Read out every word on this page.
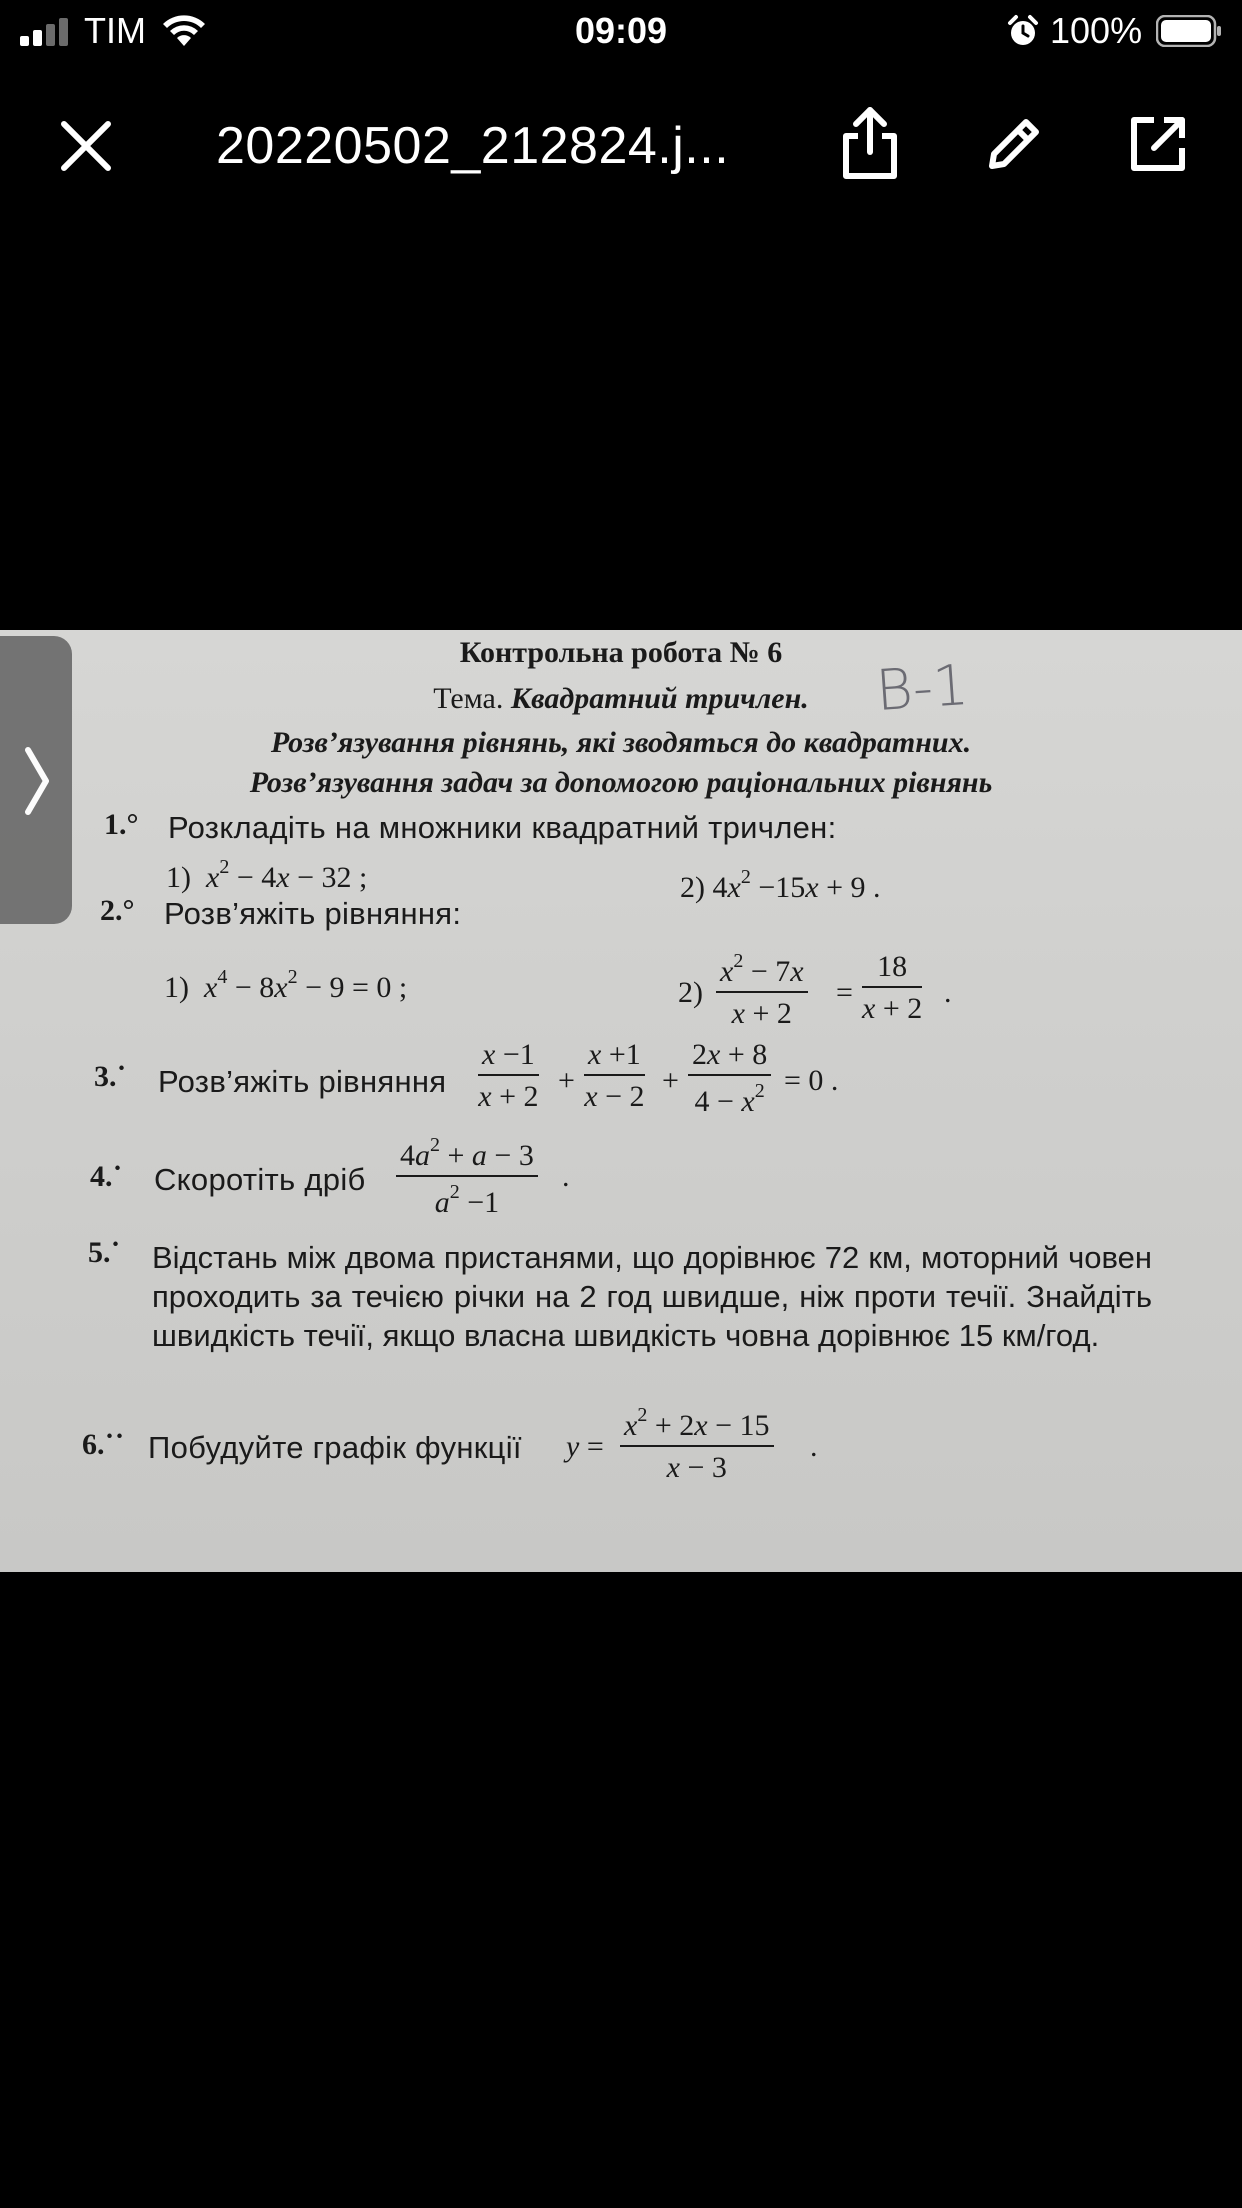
TIM	09:09	100%
20220502_212824.j...
Контрольна робота № 6
Тема. Квадратний тричлен.	В-1
Розв’язування рівнянь, які зводяться до квадратних.
Розв’язування задач за допомогою раціональних рівнянь
1.° Розкладіть на множники квадратний тричлен:
1) $x^2 - 4x - 32$ ;	2) $4x^2 -15x + 9$ .
2.° Розв’яжіть рівняння:
1) $x^4 - 8x^2 - 9 = 0$ ;	$2) \frac{x^2 - 7x}{x + 2} = \frac{18}{x + 2}$ .
3.˙ Розв’яжіть рівняння $\frac{x -1}{x + 2} + \frac{x +1}{x - 2} + \frac{2x + 8}{4 - x^2} = 0$ .
4.˙ Скоротіть дріб $\frac{4a^2 + a - 3}{a^2 -1}$ .
5.˙ Відстань між двома пристанями, що дорівнює 72 км, моторний човен проходить за течією річки на 2 год швидше, ніж проти течії. Знайдіть швидкість течії, якщо власна швидкість човна дорівнює 15 км/год.
6.˙˙ Побудуйте графік функції $y = \frac{x^2 + 2x - 15}{x - 3}$ .
